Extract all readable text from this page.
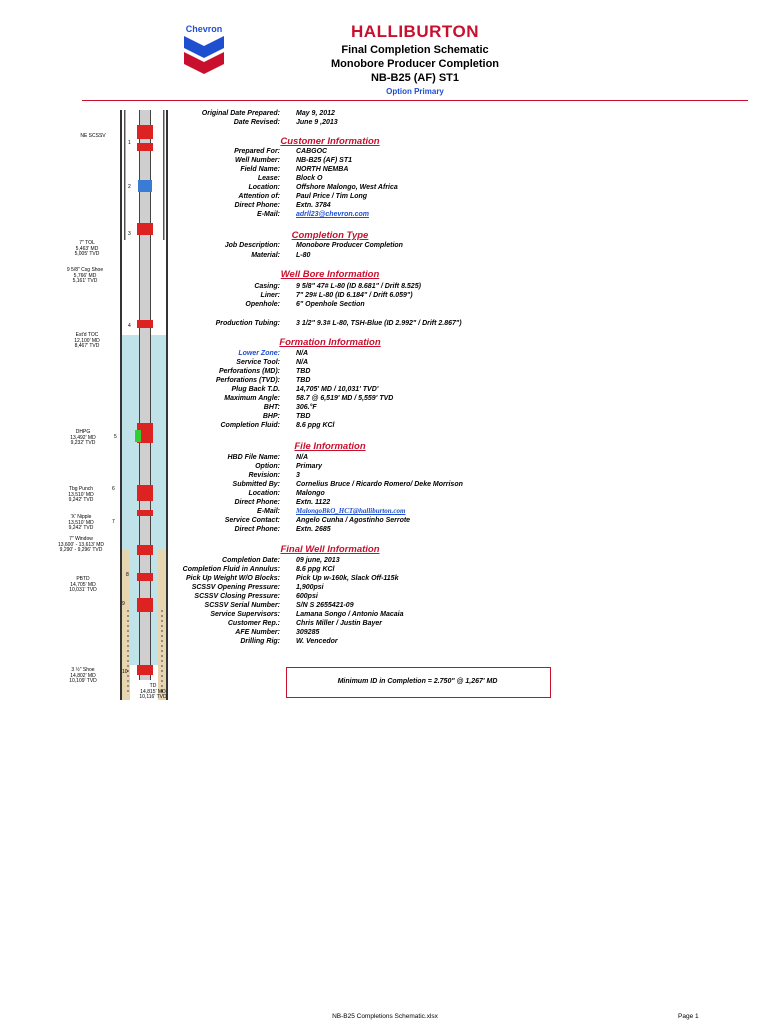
Chevron	HALLIBURTON
Final Completion Schematic
Monobore Producer Completion
NB-B25 (AF) ST1
Option Primary
NE SCSSV
7" TOL
5,463' MD
5,005' TVD
9 5/8" Csg Shoe
5,766' MD
5,161' TVD
Est'd TOC
12,100' MD
8,467' TVD
DHPG
13,492' MD
9,232' TVD
Tbg Punch
13,510' MD
9,242' TVD
'X' Nipple
13,510' MD
9,242' TVD
7" Window
13,600' - 13,613' MD
9,290' - 9,296' TVD
PBTD
14,705' MD
10,031' TVD
3 ½" Shoe
14,802' MD
10,109' TVD
TD
14,815' MD
10,116' TVD
1
2
3
4
5
6
7
8
9
10
Original Date Prepared: May 9, 2012
Date Revised: June 9 ,2013
Customer Information
Prepared For: CABGOC
Well Number: NB-B25 (AF) ST1
Field Name: NORTH NEMBA
Lease: Block O
Location: Offshore Malongo, West Africa
Attention of: Paul Price / Tim Long
Direct Phone: Extn. 3784
E-Mail: adrll23@chevron.com
Completion Type
Job Description: Monobore Producer Completion
Material: L-80
Well Bore Information
Casing: 9 5/8" 47# L-80 (ID 8.681" / Drift 8.525)
Liner: 7" 29# L-80 (ID 6.184" / Drift 6.059")
Openhole: 6" Openhole Section
Production Tubing: 3 1/2" 9.3# L-80, TSH-Blue (ID 2.992" / Drift 2.867")
Formation Information
Lower Zone: N/A
Service Tool: N/A
Perforations (MD): TBD
Perforations (TVD): TBD
Plug Back T.D. 14,705' MD / 10,031' TVD'
Maximum Angle: 58.7 @ 6,519' MD / 5,559' TVD
BHT: 306.°F
BHP: TBD
Completion Fluid: 8.6 ppg KCl
File Information
HBD File Name: N/A
Option: Primary
Revision: 3
Submitted By: Cornelius Bruce / Ricardo Romero/ Deke Morrison
Location: Malongo
Direct Phone: Extn. 1122
E-Mail: MalongoBkO_HCT@halliburton.com
Service Contact: Angelo Cunha / Agostinho Serrote
Direct Phone: Extn. 2685
Final Well Information
Completion Date: 09 june, 2013
Completion Fluid in Annulus: 8.6 ppg KCl
Pick Up Weight W/O Blocks: Pick Up w-160k, Slack Off-115k
SCSSV Opening Pressure: 1,900psi
SCSSV Closing Pressure: 600psi
SCSSV Serial Number: S/N S 2655421-09
Service Supervisors: Lamana Songo / Antonio Macaia
Customer Rep.: Chris Miller / Justin Bayer
AFE Number: 309285
Drilling Rig: W. Vencedor
Minimum ID in Completion = 2.750" @ 1,267' MD
NB-B25 Completions Schematic.xlsx	Page 1
